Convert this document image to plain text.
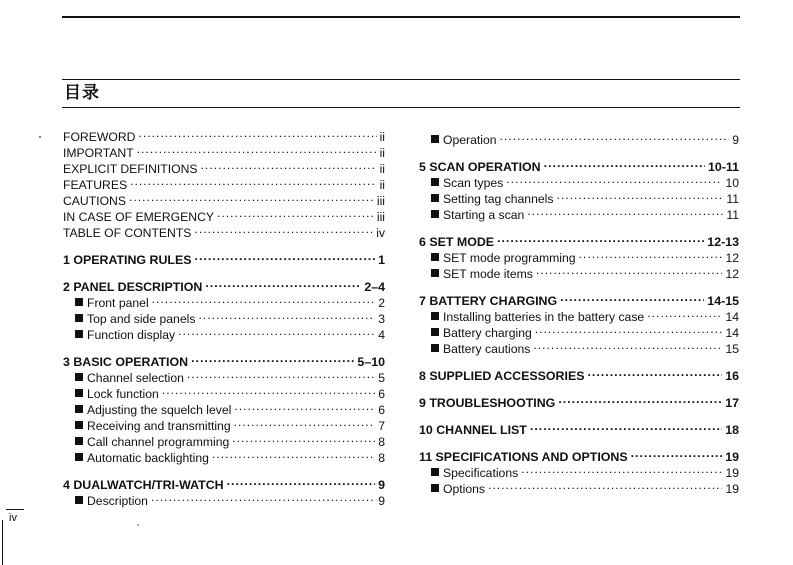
目录
FOREWORD .....	ii
IMPORTANT .....	ii
EXPLICIT DEFINITIONS .....	ii
FEATURES .....	ii
CAUTIONS .....	iii
IN CASE OF EMERGENCY .....	iii
TABLE OF CONTENTS .....	iv
1 OPERATING RULES .....	1
2 PANEL DESCRIPTION .....	2–4
Front panel .....	2
Top and side panels .....	3
Function display .....	4
3 BASIC OPERATION .....	5–10
Channel selection .....	5
Lock function .....	6
Adjusting the squelch level .....	6
Receiving and transmitting .....	7
Call channel programming .....	8
Automatic backlighting .....	8
4 DUALWATCH/TRI-WATCH .....	9
Description .....	9
Operation .....	9
5 SCAN OPERATION .....	10-11
Scan types .....	10
Setting tag channels .....	11
Starting a scan .....	11
6 SET MODE .....	12-13
SET mode programming .....	12
SET mode items .....	12
7 BATTERY CHARGING .....	14-15
Installing batteries in the battery case .....	14
Battery charging .....	14
Battery cautions .....	15
8 SUPPLIED ACCESSORIES .....	16
9 TROUBLESHOOTING .....	17
10 CHANNEL LIST .....	18
11 SPECIFICATIONS AND OPTIONS .....	19
Specifications .....	19
Options .....	19
iv
